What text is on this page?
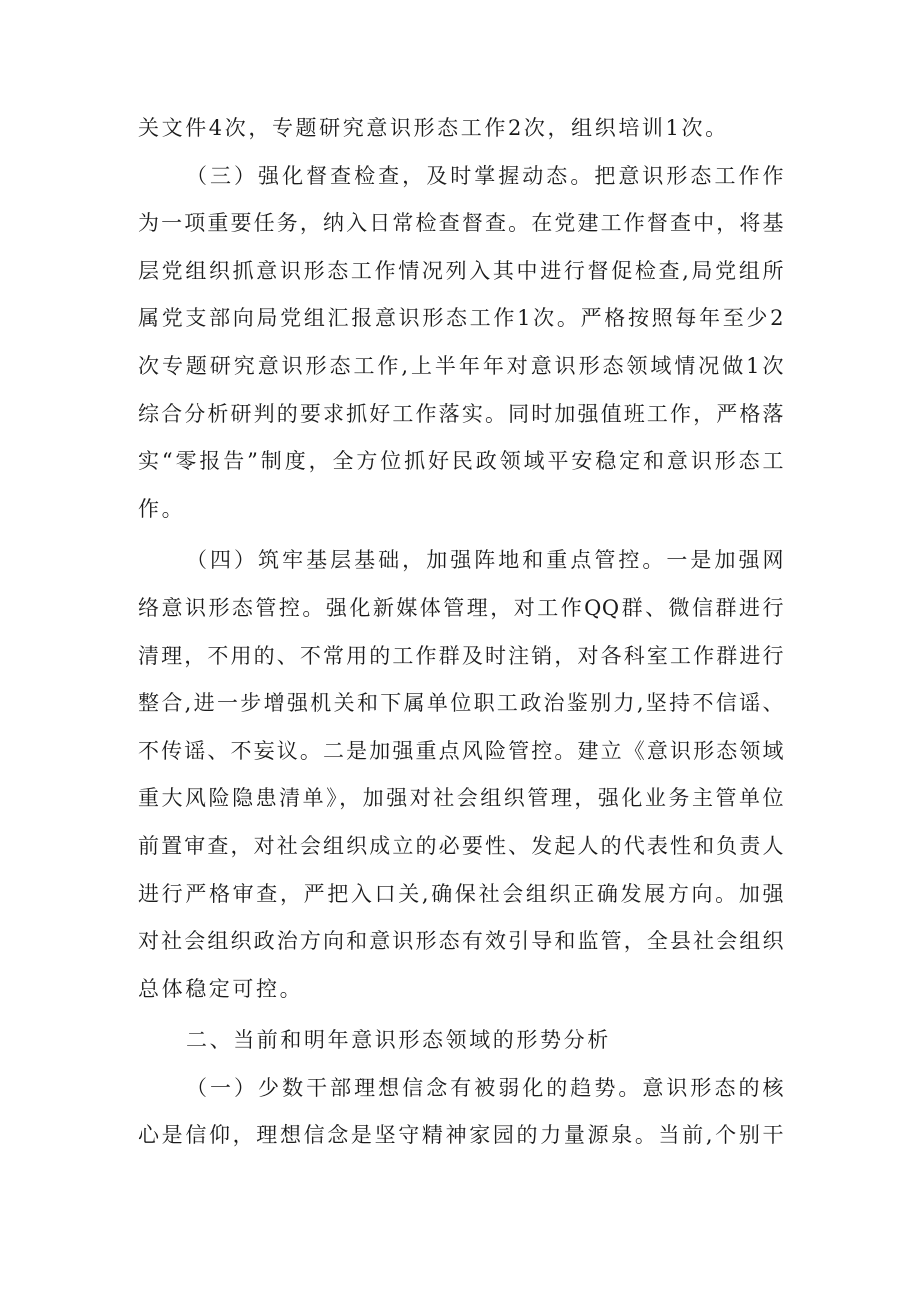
关文件4次，专题研究意识形态工作2次，组织培训1次。
（三）强化督查检查，及时掌握动态。把意识形态工作作
为一项重要任务，纳入日常检查督查。在党建工作督查中，将基
层党组织抓意识形态工作情况列入其中进行督促检查,局党组所
属党支部向局党组汇报意识形态工作1次。严格按照每年至少2
次专题研究意识形态工作,上半年年对意识形态领域情况做1次
综合分析研判的要求抓好工作落实。同时加强值班工作，严格落
实“零报告”制度，全方位抓好民政领域平安稳定和意识形态工
作。
（四）筑牢基层基础，加强阵地和重点管控。一是加强网
络意识形态管控。强化新媒体管理，对工作QQ群、微信群进行
清理，不用的、不常用的工作群及时注销，对各科室工作群进行
整合,进一步增强机关和下属单位职工政治鉴别力,坚持不信谣、
不传谣、不妄议。二是加强重点风险管控。建立《意识形态领域
重大风险隐患清单》，加强对社会组织管理，强化业务主管单位
前置审查，对社会组织成立的必要性、发起人的代表性和负责人
进行严格审查，严把入口关,确保社会组织正确发展方向。加强
对社会组织政治方向和意识形态有效引导和监管，全县社会组织
总体稳定可控。
二、当前和明年意识形态领域的形势分析
（一）少数干部理想信念有被弱化的趋势。意识形态的核
心是信仰，理想信念是坚守精神家园的力量源泉。当前,个别干
